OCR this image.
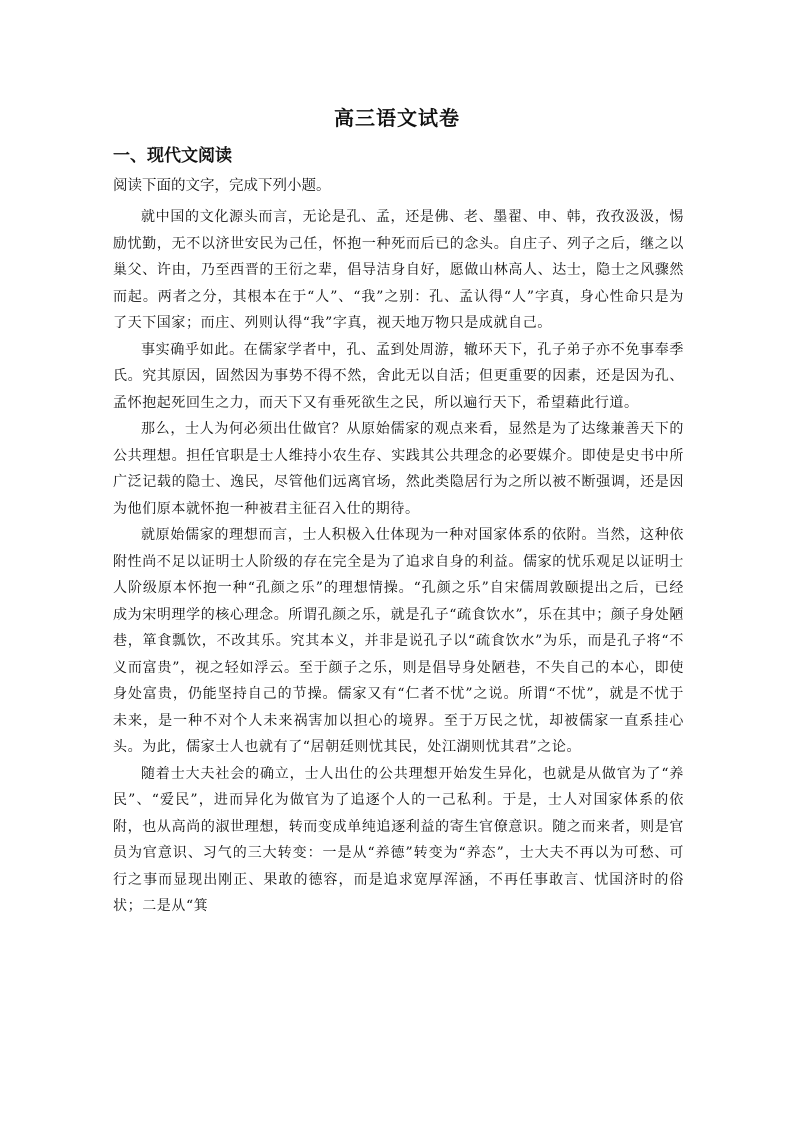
高三语文试卷
一、现代文阅读
阅读下面的文字，完成下列小题。

就中国的文化源头而言，无论是孔、孟，还是佛、老、墨翟、申、韩，孜孜汲汲，惕励忧勤，无不以济世安民为己任，怀抱一种死而后已的念头。自庄子、列子之后，继之以巢父、许由，乃至西晋的王衍之辈，倡导洁身自好，愿做山林高人、达士，隐士之风骤然而起。两者之分，其根本在于“人”、“我”之别：孔、孟认得“人”字真，身心性命只是为了天下国家；而庄、列则认得“我”字真，视天地万物只是成就自己。

事实确乎如此。在儒家学者中，孔、孟到处周游，辙环天下，孔子弟子亦不免事奉季氏。究其原因，固然因为事势不得不然，舍此无以自活；但更重要的因素，还是因为孔、孟怀抱起死回生之力，而天下又有垂死欲生之民，所以遍行天下，希望藉此行道。

那么，士人为何必须出仕做官？从原始儒家的观点来看，显然是为了达缘兼善天下的公共理想。担任官职是士人维持小农生存、实践其公共理念的必要媒介。即使是史书中所广泛记载的隐士、逸民，尽管他们远离官场，然此类隐居行为之所以被不断强调，还是因为他们原本就怀抱一种被君主征召入仕的期待。

就原始儒家的理想而言，士人积极入仕体现为一种对国家体系的依附。当然，这种依附性尚不足以证明士人阶级的存在完全是为了追求自身的利益。儒家的忧乐观足以证明士人阶级原本怀抱一种“孔颜之乐”的理想情操。“孔颜之乐”自宋儒周敦颐提出之后，已经成为宋明理学的核心理念。所谓孔颜之乐，就是孔子“疏食饮水”，乐在其中；颜子身处陋巷，箪食瓢饮，不改其乐。究其本义，并非是说孔子以“疏食饮水”为乐，而是孔子将“不义而富贵”，视之轻如浮云。至于颜子之乐，则是倡导身处陋巷，不失自己的本心，即使身处富贵，仍能坚持自己的节操。儒家又有“仁者不忧”之说。所谓“不忧”，就是不忧于未来，是一种不对个人未来祸害加以担心的境界。至于万民之忧，却被儒家一直系挂心头。为此，儒家士人也就有了“居朝廷则忧其民，处江湖则忧其君”之论。

随着士大夫社会的确立，士人出仕的公共理想开始发生异化，也就是从做官为了“养民”、“爱民”，进而异化为做官为了追逐个人的一己私利。于是，士人对国家体系的依附，也从高尚的淑世理想，转而变成单纯追逐利益的寄生官僚意识。随之而来者，则是官员为官意识、习气的三大转变：一是从“养德”转变为“养态”，士大夫不再以为可愁、可行之事而显现出刚正、果敢的德容，而是追求宽厚浑涵，不再任事敢言、忧国济时的俗状；二是从“箕
